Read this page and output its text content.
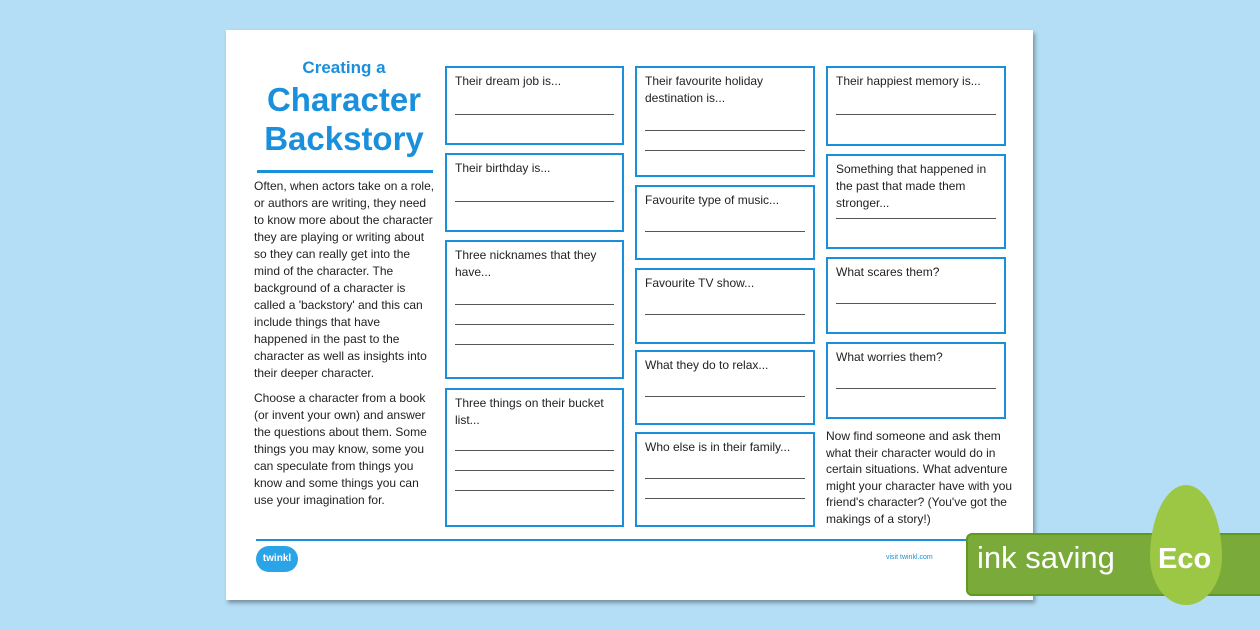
Creating a
Character
Backstory

Often, when actors take on a role, or authors are writing, they need to know more about the character they are playing or writing about so they can really get into the mind of the character. The background of a character is called a 'backstory' and this can include things that have happened in the past to the character as well as insights into their deeper character.

Choose a character from a book (or invent your own) and answer the questions about them. Some things you may know, some you can speculate from things you know and some things you can use your imagination for.

Their dream job is...
Their birthday is...
Three nicknames that they have...
Three things on their bucket list...
Their favourite holiday destination is...
Favourite type of music...
Favourite TV show...
What they do to relax...
Who else is in their family...
Their happiest memory is...
Something that happened in the past that made them stronger...
What scares them?
What worries them?
Now find someone and ask them what their character would do in certain situations. What adventure might your character have with you friend's character? (You've got the makings of a story!)
twinkl	visit twinkl.com ink saving Eco
